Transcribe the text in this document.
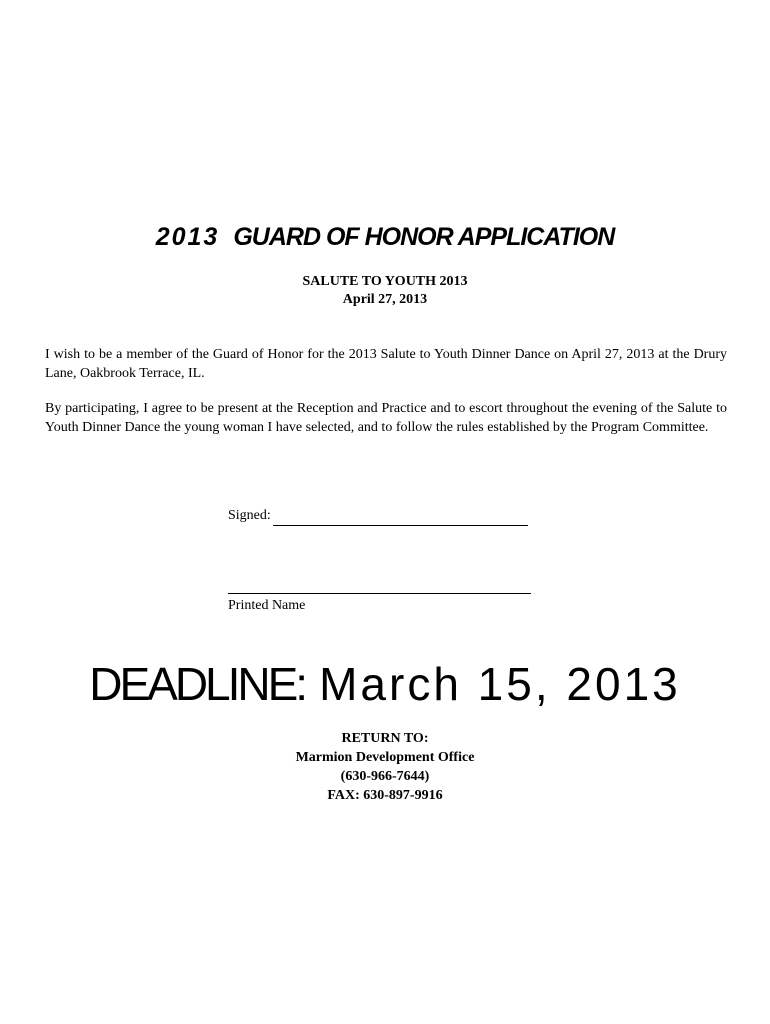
2013 GUARD OF HONOR APPLICATION
SALUTE TO YOUTH 2013
April 27, 2013
I wish to be a member of the Guard of Honor for the 2013 Salute to Youth Dinner Dance on April 27, 2013 at the Drury Lane, Oakbrook Terrace, IL.
By participating, I agree to be present at the Reception and Practice and to escort throughout the evening of the Salute to Youth Dinner Dance the young woman I have selected, and to follow the rules established by the Program Committee.
Signed:
Printed Name
DEADLINE: March 15, 2013
RETURN TO:
Marmion Development Office
(630-966-7644)
FAX: 630-897-9916
